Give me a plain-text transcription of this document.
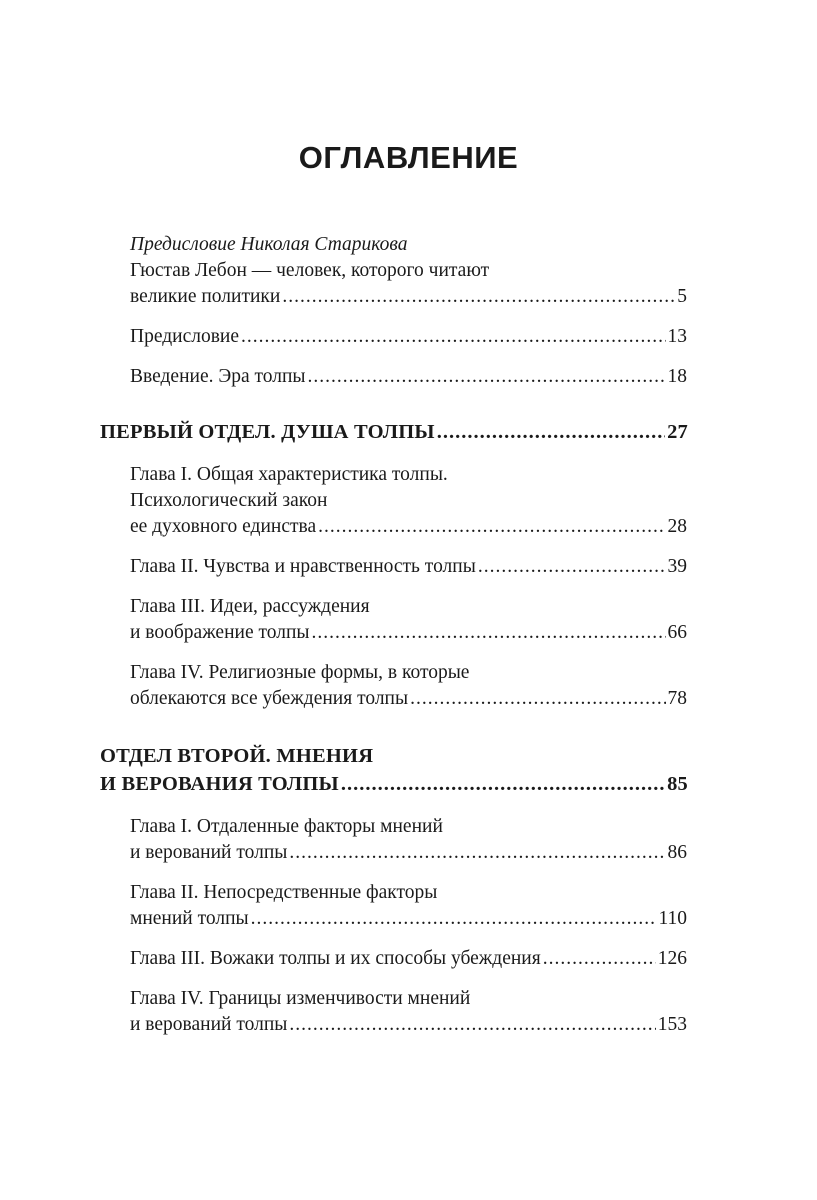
ОГЛАВЛЕНИЕ
Предисловие Николая Старикова
Гюстав Лебон — человек, которого читают
великие политики .....	5
Предисловие .....	13
Введение. Эра толпы .....	18
ПЕРВЫЙ ОТДЕЛ. ДУША ТОЛПЫ .....	27
Глава I. Общая характеристика толпы.
Психологический закон
ее духовного единства .....	28
Глава II. Чувства и нравственность толпы .....	39
Глава III. Идеи, рассуждения
и воображение толпы .....	66
Глава IV. Религиозные формы, в которые
облекаются все убеждения толпы .....	78
ОТДЕЛ ВТОРОЙ. МНЕНИЯ
И ВЕРОВАНИЯ ТОЛПЫ .....	85
Глава I. Отдаленные факторы мнений
и верований толпы .....	86
Глава II. Непосредственные факторы
мнений толпы .....	110
Глава III. Вожаки толпы и их способы убеждения .....	126
Глава IV. Границы изменчивости мнений
и верований толпы .....	153
